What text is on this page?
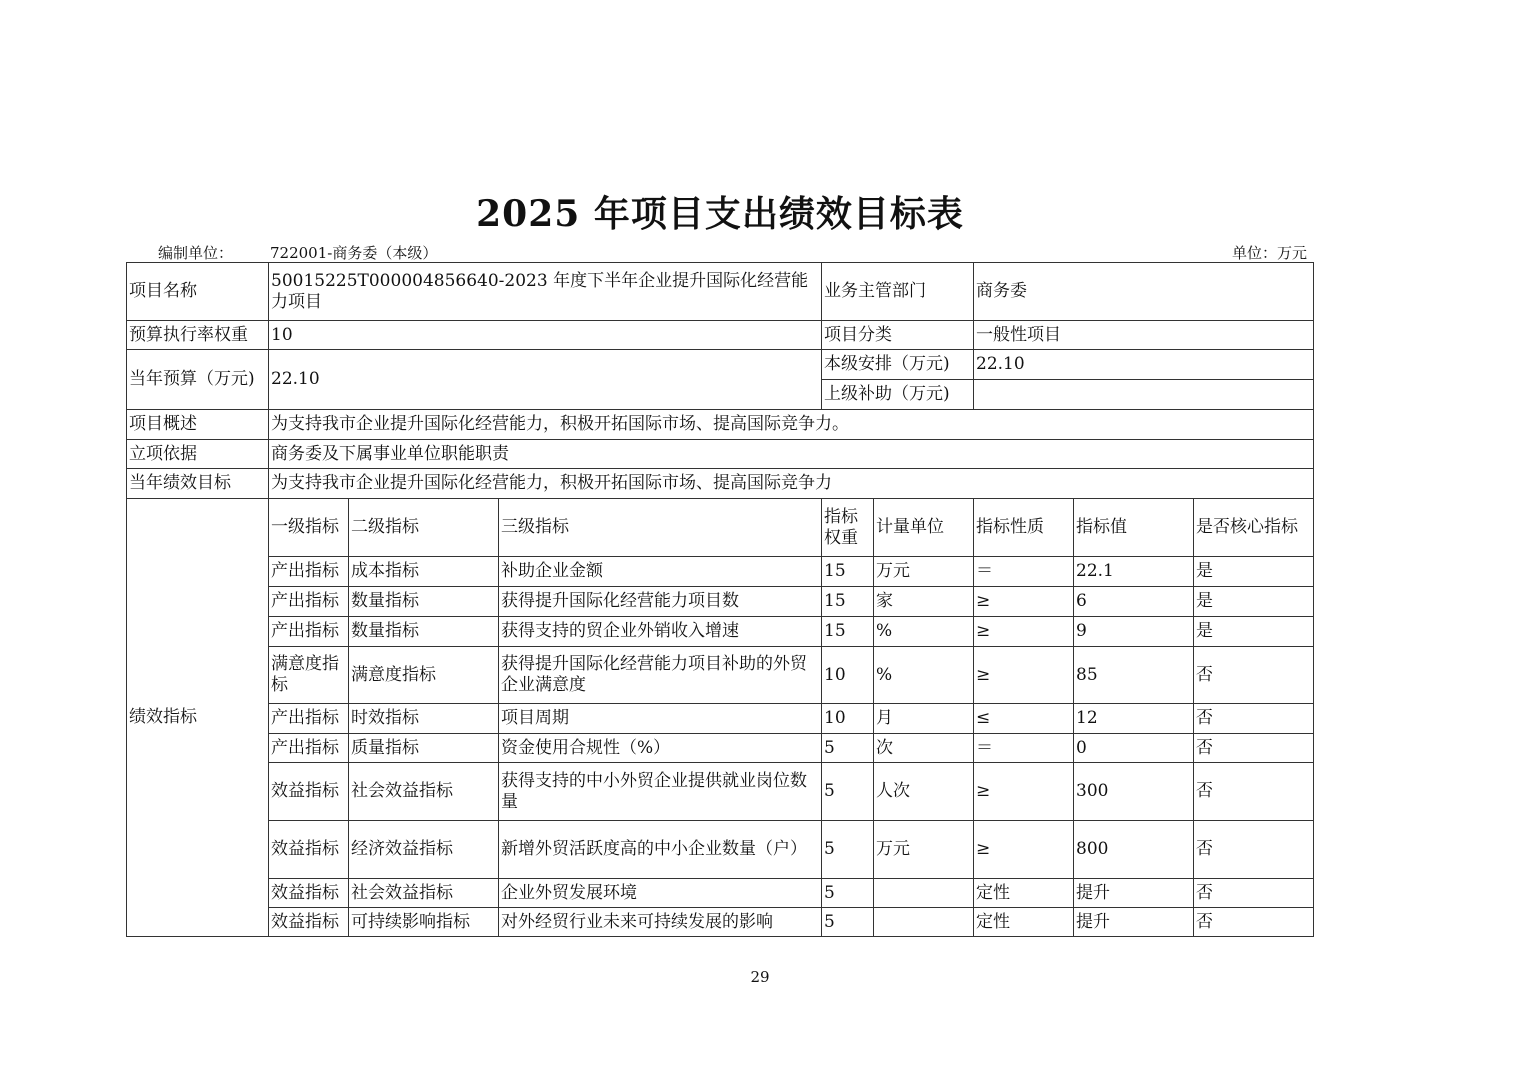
2025 年项目支出绩效目标表
编制单位： 722001-商务委（本级）	单位：万元
项目名称	50015225T000004856640-2023 年度下半年企业提升国际化经营能力项目			业务主管部门		商务委		
预算执行率权重	10			项目分类		一般性项目		
当年预算（万元)	22.10			本级安排（万元)		22.10		
				上级补助（万元)				
项目概述	为支持我市企业提升国际化经营能力，积极开拓国际市场、提高国际竞争力。							
立项依据	商务委及下属事业单位职能职责							
当年绩效目标	为支持我市企业提升国际化经营能力，积极开拓国际市场、提高国际竞争力							
绩效指标	一级指标	二级指标	三级指标	指标权重	计量单位	指标性质	指标值	是否核心指标
	产出指标	成本指标	补助企业金额	15	万元	＝	22.1	是
	产出指标	数量指标	获得提升国际化经营能力项目数	15	家	≥	6	是
	产出指标	数量指标	获得支持的贸企业外销收入增速	15	%	≥	9	是
	满意度指标	满意度指标	获得提升国际化经营能力项目补助的外贸企业满意度	10	%	≥	85	否
	产出指标	时效指标	项目周期	10	月	≤	12	否
	产出指标	质量指标	资金使用合规性（%）	5	次	＝	0	否
	效益指标	社会效益指标	获得支持的中小外贸企业提供就业岗位数量	5	人次	≥	300	否
	效益指标	经济效益指标	新增外贸活跃度高的中小企业数量（户）	5	万元	≥	800	否
	效益指标	社会效益指标	企业外贸发展环境	5		定性	提升	否
	效益指标	可持续影响指标	对外经贸行业未来可持续发展的影响	5		定性	提升	否
29
